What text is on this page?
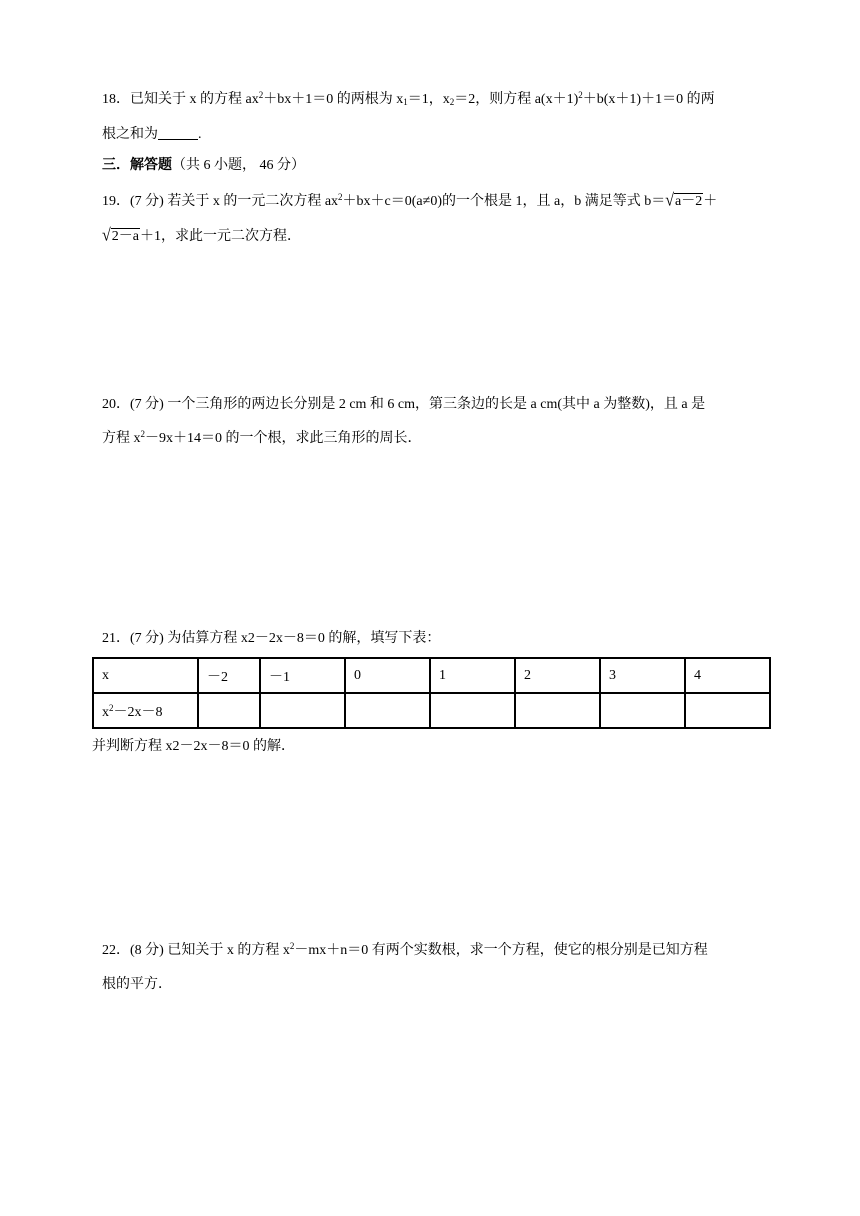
18．已知关于 x 的方程 $ax^2+bx+1=0$ 的两根为 $x_1=1$，$x_2=2$，则方程 $a(x+1)^2+b(x+1)+1=0$ 的两
根之和为	.
三．解答题（共 6 小题， 46 分）
19．(7 分) 若关于 x 的一元二次方程 $ax^2+bx+c=0(a\ne 0)$的一个根是 1，且 a，b 满足等式 b＝√a－2＋
√2－a＋1，求此一元二次方程．
20．(7 分) 一个三角形的两边长分别是 2 cm 和 6 cm，第三条边的长是 a cm(其中 a 为整数)，且 a 是
方程 $x^2-9x+14=0$ 的一个根，求此三角形的周长．
21．(7 分) 为估算方程 x2－2x－8＝0 的解，填写下表：
x	－2	－1	0	1	2	3	4
$x^2-2x-8$							
并判断方程 x2－2x－8＝0 的解．
22．(8 分) 已知关于 x 的方程 $x^2-mx+n=0$ 有两个实数根，求一个方程，使它的根分别是已知方程
根的平方．
